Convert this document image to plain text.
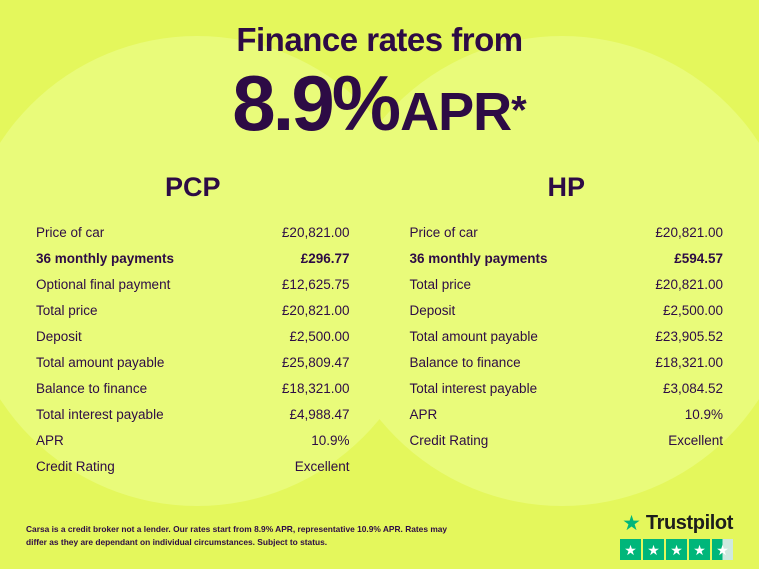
Finance rates from
8.9%APR*
PCP
Price of car	£20,821.00
36 monthly payments	£296.77
Optional final payment	£12,625.75
Total price	£20,821.00
Deposit	£2,500.00
Total amount payable	£25,809.47
Balance to finance	£18,321.00
Total interest payable	£4,988.47
APR	10.9%
Credit Rating	Excellent
HP
Price of car	£20,821.00
36 monthly payments	£594.57
Total price	£20,821.00
Deposit	£2,500.00
Total amount payable	£23,905.52
Balance to finance	£18,321.00
Total interest payable	£3,084.52
APR	10.9%
Credit Rating	Excellent
Carsa is a credit broker not a lender. Our rates start from 8.9% APR, representative 10.9% APR. Rates may differ as they are dependant on individual circumstances. Subject to status.
★ Trustpilot
★ ★ ★ ★ ★
